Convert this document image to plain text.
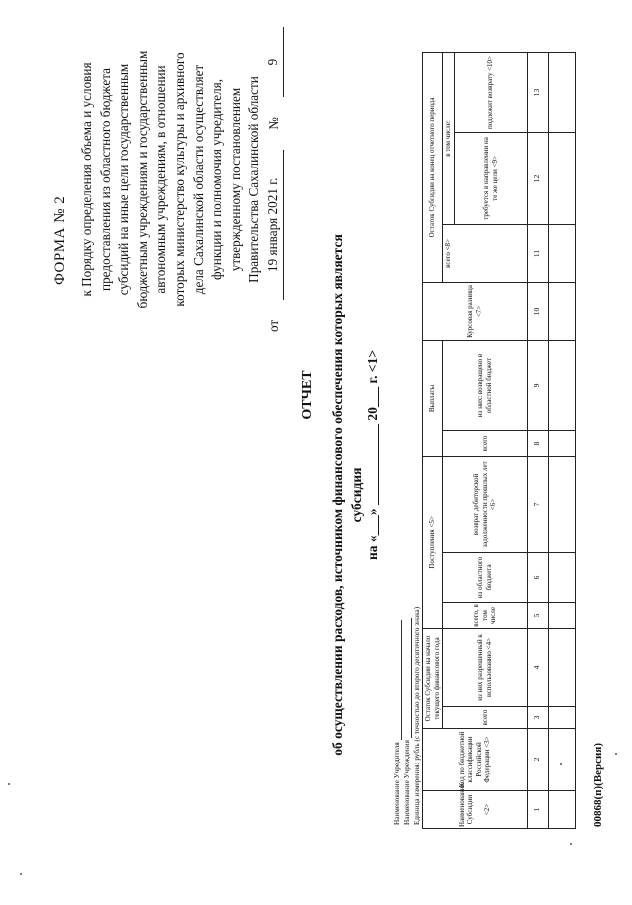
ФОРМА № 2 к Порядку определения объема и условия предоставления из областного бюджета субсидий на иные цели государственным бюджетным учреждениям и государственным автономным учреждениям, в отношении которых министерство культуры и архивного дела Сахалинской области осуществляет функции и полномочия учредителя, утвержденному постановлением Правительства Сахалинской области
от
19 января 2021 г.
№
9
ОТЧЕТ об осуществлении расходов, источником финансового обеспечения которых является субсидия на «___» ____________ 20___ г. <1>
Наименование Учредителя Наименование Учреждения Единица измерения: рубль (с точностью до второго десятичного знака)	Наименование Субсидии <2>	Код по бюджетной классификации Российской Федерации <3>	Остаток Субсидии на начало текущего финансового года		Поступления <5>			Выплаты		Курсовая разница <7>	Остаток Субсидии на конец отчетного периода		
		всего	из них разрешенный к использованию <4>	всего, в том числе	из областного бюджета	возврат дебиторской задолженности прошлых лет <6>	всего	из них: возвращено в областной бюджет		всего <8>	в том числе:	
											требуется в направлении на те же цели <9>	подлежит возврату <10>
1	2	3	4	5	6	7	8	9	10	11	12	13

00868(п)(Версия)
